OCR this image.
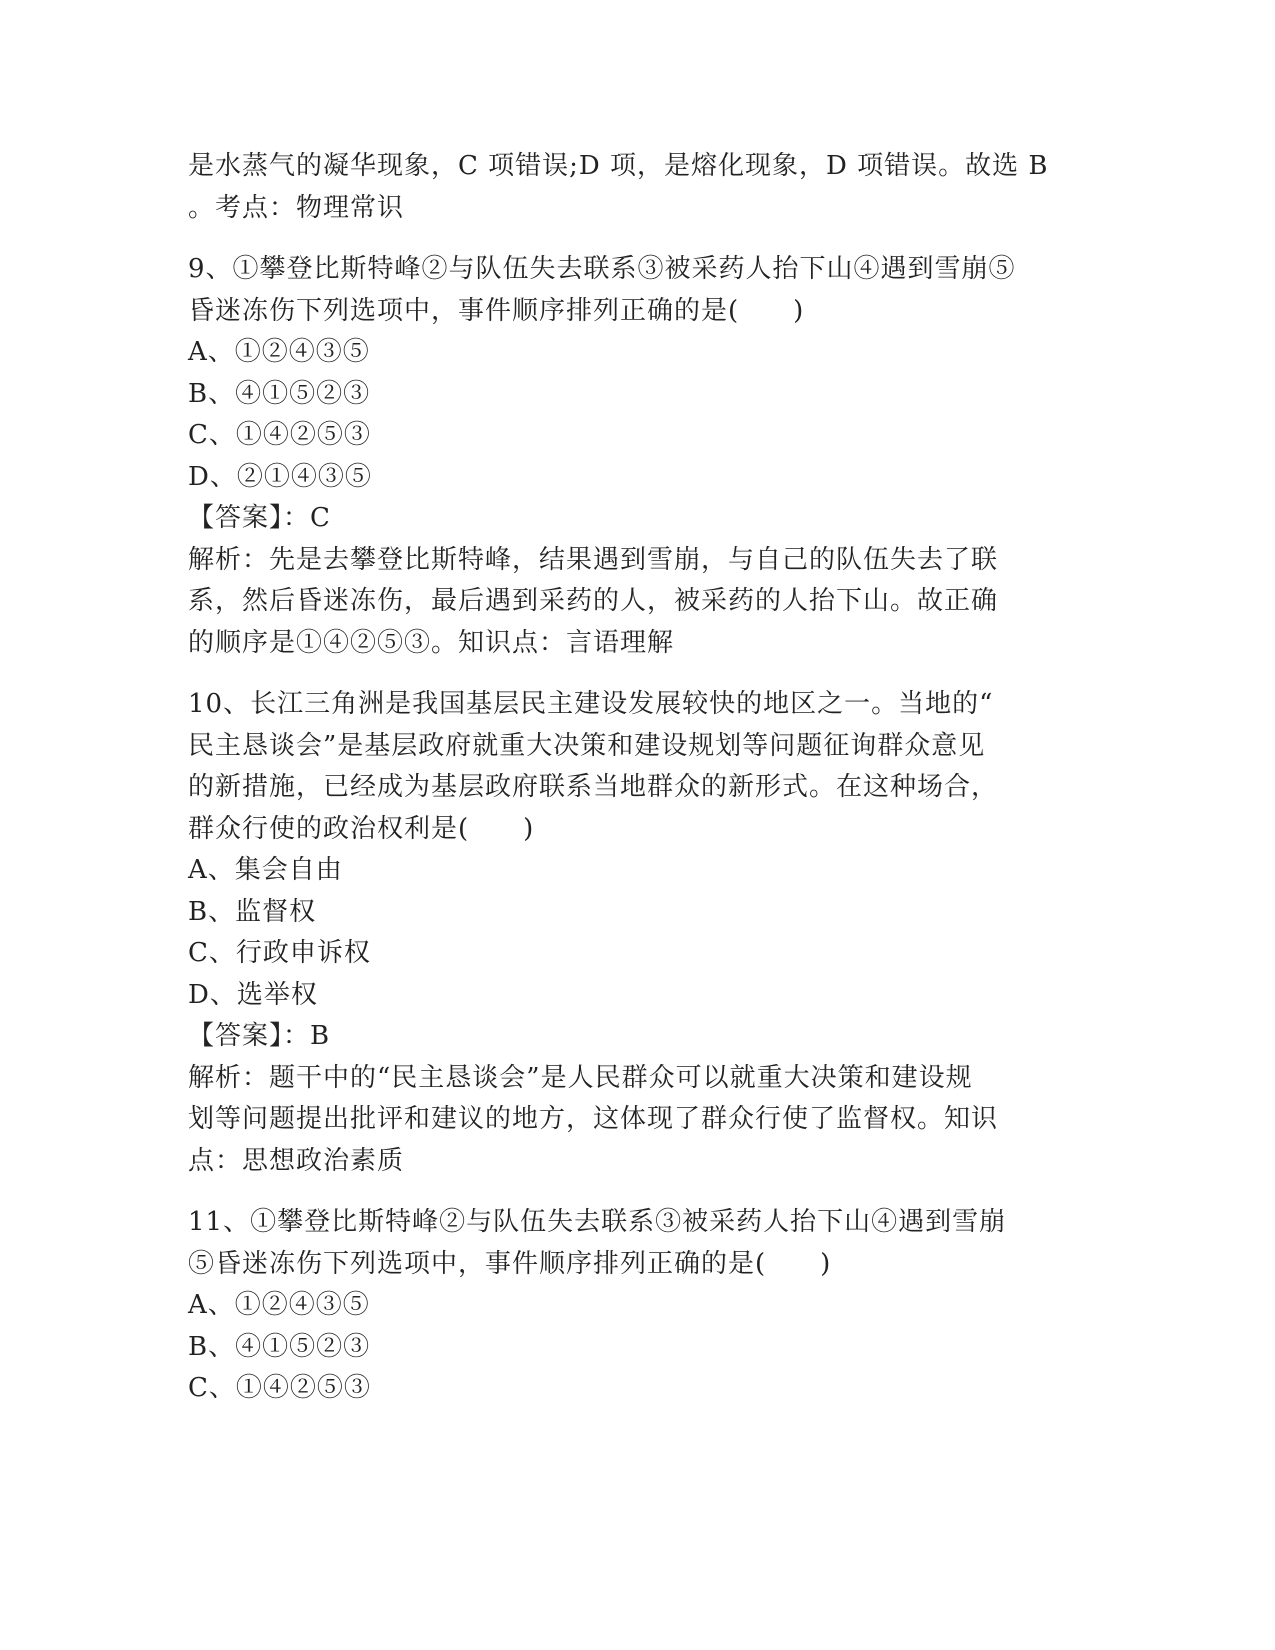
是水蒸气的凝华现象，C 项错误;D 项，是熔化现象，D 项错误。故选 B
。考点：物理常识
9、①攀登比斯特峰②与队伍失去联系③被采药人抬下山④遇到雪崩⑤
昏迷冻伤下列选项中，事件顺序排列正确的是(　　)
A、①②④③⑤
B、④①⑤②③
C、①④②⑤③
D、②①④③⑤
【答案】：C
解析：先是去攀登比斯特峰，结果遇到雪崩，与自己的队伍失去了联
系，然后昏迷冻伤，最后遇到采药的人，被采药的人抬下山。故正确
的顺序是①④②⑤③。知识点：言语理解
10、长江三角洲是我国基层民主建设发展较快的地区之一。当地的“
民主恳谈会”是基层政府就重大决策和建设规划等问题征询群众意见
的新措施，已经成为基层政府联系当地群众的新形式。在这种场合，
群众行使的政治权利是(　　)
A、集会自由
B、监督权
C、行政申诉权
D、选举权
【答案】：B
解析：题干中的“民主恳谈会”是人民群众可以就重大决策和建设规
划等问题提出批评和建议的地方，这体现了群众行使了监督权。知识
点：思想政治素质
11、①攀登比斯特峰②与队伍失去联系③被采药人抬下山④遇到雪崩
⑤昏迷冻伤下列选项中，事件顺序排列正确的是(　　)
A、①②④③⑤
B、④①⑤②③
C、①④②⑤③
